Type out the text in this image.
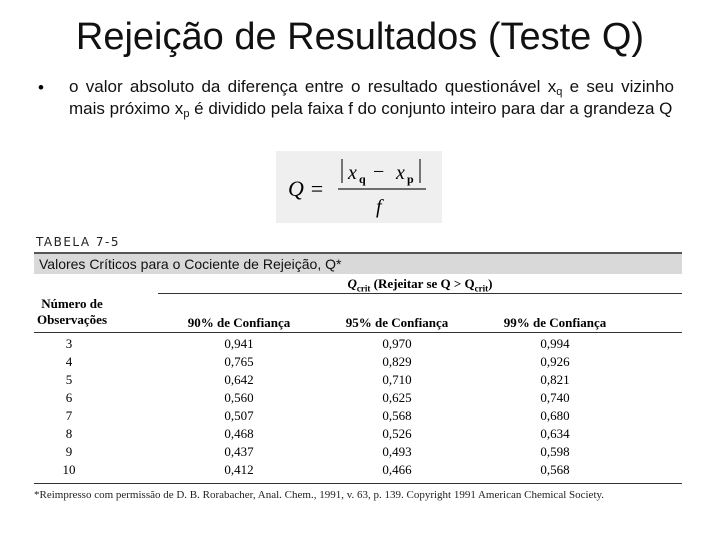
Rejeição de Resultados (Teste Q)
• o valor absoluto da diferença entre o resultado questionável $x_q$ e seu vizinho mais próximo $x_p$ é dividido pela faixa f do conjunto inteiro para dar a grandeza Q
Q =
x q − x p
f
TABELA 7-5
Valores Críticos para o Cociente de Rejeição, Q*
$Q_{crit}$ (Rejeitar se $Q > Q_{crit}$)
Número de
Observações	90% de Confiança	95% de Confiança	99% de Confiança
3	0,941	0,970	0,994
4	0,765	0,829	0,926
5	0,642	0,710	0,821
6	0,560	0,625	0,740
7	0,507	0,568	0,680
8	0,468	0,526	0,634
9	0,437	0,493	0,598
10	0,412	0,466	0,568
*Reimpresso com permissão de D. B. Rorabacher, Anal. Chem., 1991, v. 63, p. 139. Copyright 1991 American Chemical Society.
